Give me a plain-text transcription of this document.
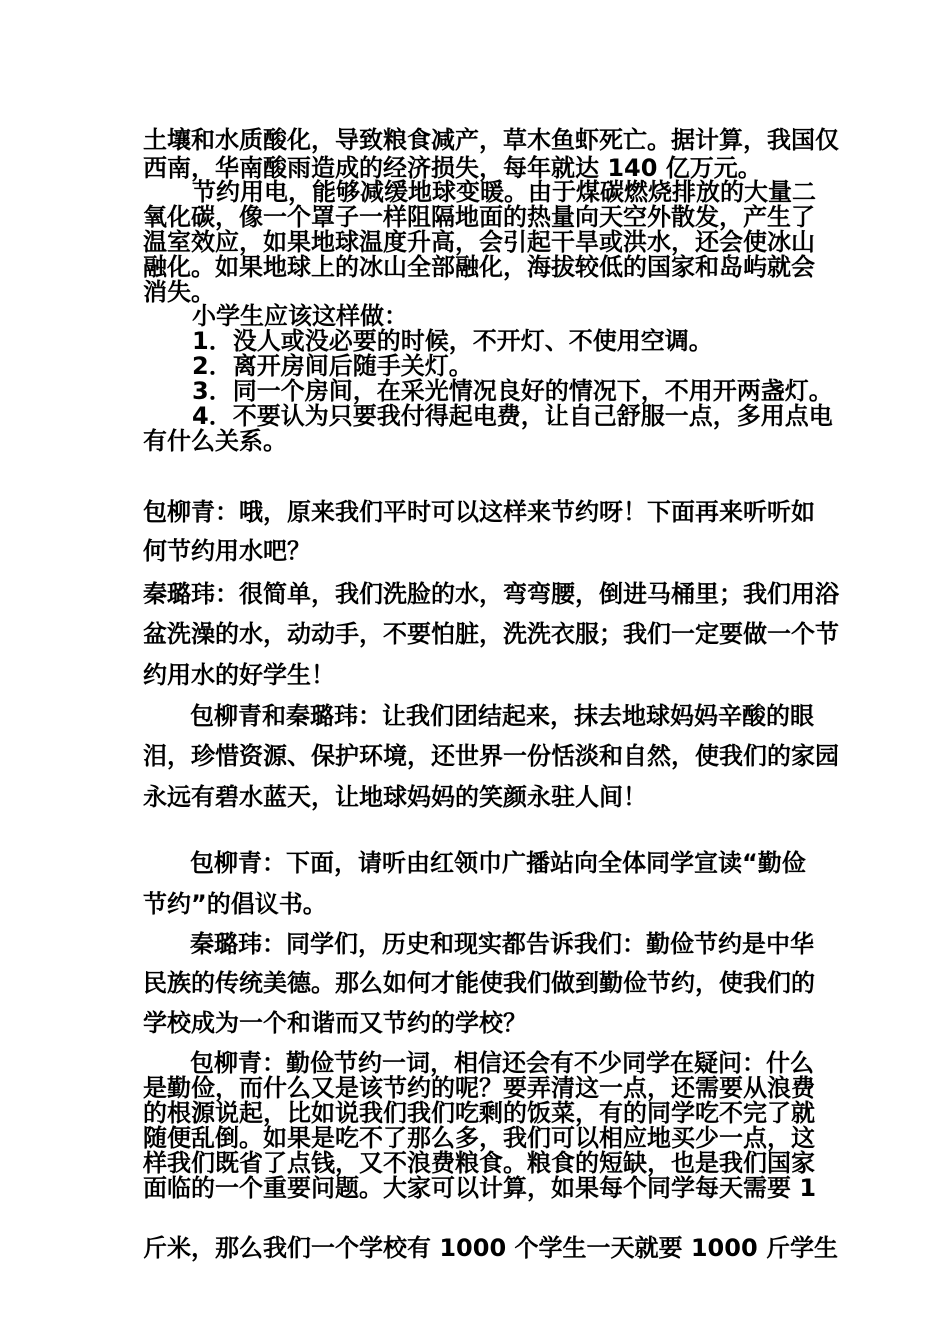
土壤和水质酸化，导致粮食减产，草木鱼虾死亡。据计算，我国仅
西南，华南酸雨造成的经济损失，每年就达 140 亿万元。
节约用电，能够减缓地球变暖。由于煤碳燃烧排放的大量二
氧化碳，像一个罩子一样阻隔地面的热量向天空外散发，产生了
温室效应，如果地球温度升高，会引起干旱或洪水，还会使冰山
融化。如果地球上的冰山全部融化，海拔较低的国家和岛屿就会
消失。
小学生应该这样做：
1．没人或没必要的时候，不开灯、不使用空调。
2．离开房间后随手关灯。
3．同一个房间，在采光情况良好的情况下，不用开两盏灯。
4．不要认为只要我付得起电费，让自己舒服一点，多用点电
有什么关系。
包柳青：哦，原来我们平时可以这样来节约呀！下面再来听听如
何节约用水吧？
秦璐玮：很简单，我们洗脸的水，弯弯腰，倒进马桶里；我们用浴
盆洗澡的水，动动手，不要怕脏，洗洗衣服；我们一定要做一个节
约用水的好学生！
包柳青和秦璐玮：让我们团结起来，抹去地球妈妈辛酸的眼
泪，珍惜资源、保护环境，还世界一份恬淡和自然，使我们的家园
永远有碧水蓝天，让地球妈妈的笑颜永驻人间！
包柳青：下面，请听由红领巾广播站向全体同学宣读“勤俭
节约”的倡议书。
秦璐玮：同学们，历史和现实都告诉我们：勤俭节约是中华
民族的传统美德。那么如何才能使我们做到勤俭节约，使我们的
学校成为一个和谐而又节约的学校？
包柳青：勤俭节约一词，相信还会有不少同学在疑问：什么
是勤俭，而什么又是该节约的呢？要弄清这一点，还需要从浪费
的根源说起，比如说我们我们吃剩的饭菜，有的同学吃不完了就
随便乱倒。如果是吃不了那么多，我们可以相应地买少一点，这
样我们既省了点钱，又不浪费粮食。粮食的短缺，也是我们国家
面临的一个重要问题。大家可以计算，如果每个同学每天需要 1
斤米，那么我们一个学校有 1000 个学生一天就要 1000 斤学生
